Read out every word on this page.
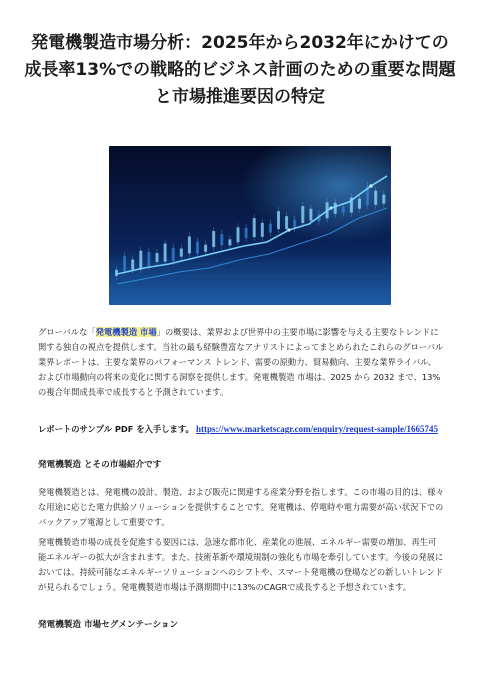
発電機製造市場分析：2025年から2032年にかけての成長率13%での戦略的ビジネス計画のための重要な問題と市場推進要因の特定

グローバルな「発電機製造 市場」の概要は、業界および世界中の主要市場に影響を与える主要なトレンドに関する独自の視点を提供します。当社の最も経験豊富なアナリストによってまとめられたこれらのグローバル業界レポートは、主要な業界のパフォーマンス トレンド、需要の原動力、貿易動向、主要な業界ライバル、および市場動向の将来の変化に関する洞察を提供します。発電機製造 市場は、2025 から 2032 まで、13% の複合年間成長率で成長すると予測されています。

レポートのサンプル PDF を入手します。 https://www.marketscagr.com/enquiry/request-sample/1665745

発電機製造 とその市場紹介です

発電機製造とは、発電機の設計、製造、および販売に関連する産業分野を指します。この市場の目的は、様々な用途に応じた電力供給ソリューションを提供することです。発電機は、停電時や電力需要が高い状況下でのバックアップ電源として重要です。

発電機製造市場の成長を促進する要因には、急速な都市化、産業化の進展、エネルギー需要の増加、再生可能エネルギーの拡大が含まれます。また、技術革新や環境規制の強化も市場を牽引しています。今後の発展においては、持続可能なエネルギーソリューションへのシフトや、スマート発電機の登場などの新しいトレンドが見られるでしょう。発電機製造市場は予測期間中に13%のCAGRで成長すると予想されています。

発電機製造 市場セグメンテーション
